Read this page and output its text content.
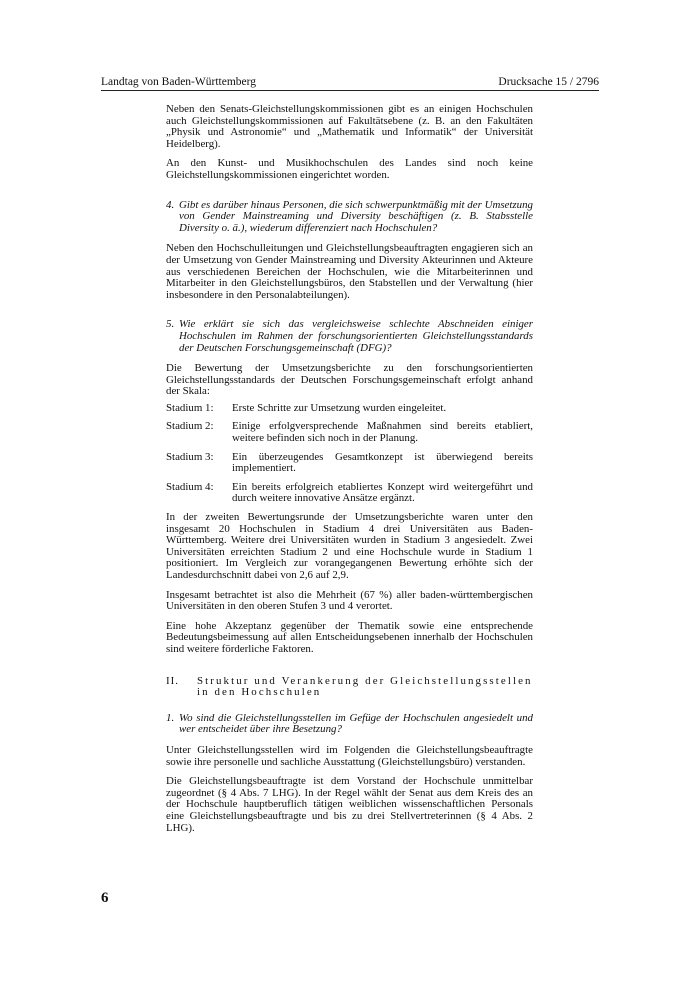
Landtag von Baden-Württemberg	Drucksache 15 / 2796

Neben den Senats-Gleichstellungskommissionen gibt es an einigen Hochschulen auch Gleichstellungskommissionen auf Fakultätsebene (z. B. an den Fakultäten „Physik und Astronomie“ und „Mathematik und Informatik“ der Universität Heidelberg).

An den Kunst- und Musikhochschulen des Landes sind noch keine Gleichstellungskommissionen eingerichtet worden.

4. Gibt es darüber hinaus Personen, die sich schwerpunktmäßig mit der Umsetzung von Gender Mainstreaming und Diversity beschäftigen (z. B. Stabsstelle Diversity o. ä.), wiederum differenziert nach Hochschulen?

Neben den Hochschulleitungen und Gleichstellungsbeauftragten engagieren sich an der Umsetzung von Gender Mainstreaming und Diversity Akteurinnen und Akteure aus verschiedenen Bereichen der Hochschulen, wie die Mitarbeiterinnen und Mitarbeiter in den Gleichstellungsbüros, den Stabstellen und der Verwaltung (hier insbesondere in den Personalabteilungen).

5. Wie erklärt sie sich das vergleichsweise schlechte Abschneiden einiger Hochschulen im Rahmen der forschungsorientierten Gleichstellungsstandards der Deutschen Forschungsgemeinschaft (DFG)?

Die Bewertung der Umsetzungsberichte zu den forschungsorientierten Gleichstellungsstandards der Deutschen Forschungsgemeinschaft erfolgt anhand der Skala:

Stadium 1:	Erste Schritte zur Umsetzung wurden eingeleitet.
Stadium 2:	Einige erfolgversprechende Maßnahmen sind bereits etabliert, weitere befinden sich noch in der Planung.
Stadium 3:	Ein überzeugendes Gesamtkonzept ist überwiegend bereits implementiert.
Stadium 4:	Ein bereits erfolgreich etabliertes Konzept wird weitergeführt und durch weitere innovative Ansätze ergänzt.

In der zweiten Bewertungsrunde der Umsetzungsberichte waren unter den insgesamt 20 Hochschulen in Stadium 4 drei Universitäten aus Baden-Württemberg. Weitere drei Universitäten wurden in Stadium 3 angesiedelt. Zwei Universitäten erreichten Stadium 2 und eine Hochschule wurde in Stadium 1 positioniert. Im Vergleich zur vorangegangenen Bewertung erhöhte sich der Landesdurchschnitt dabei von 2,6 auf 2,9.

Insgesamt betrachtet ist also die Mehrheit (67 %) aller baden-württembergischen Universitäten in den oberen Stufen 3 und 4 verortet.

Eine hohe Akzeptanz gegenüber der Thematik sowie eine entsprechende Bedeutungsbeimessung auf allen Entscheidungsebenen innerhalb der Hochschulen sind weitere förderliche Faktoren.

II.	Struktur und Verankerung der Gleichstellungsstellen in den Hochschulen
1. Wo sind die Gleichstellungsstellen im Gefüge der Hochschulen angesiedelt und wer entscheidet über ihre Besetzung?

Unter Gleichstellungsstellen wird im Folgenden die Gleichstellungsbeauftragte sowie ihre personelle und sachliche Ausstattung (Gleichstellungsbüro) verstanden.

Die Gleichstellungsbeauftragte ist dem Vorstand der Hochschule unmittelbar zugeordnet (§ 4 Abs. 7 LHG). In der Regel wählt der Senat aus dem Kreis des an der Hochschule hauptberuflich tätigen weiblichen wissenschaftlichen Personals eine Gleichstellungsbeauftragte und bis zu drei Stellvertreterinnen (§ 4 Abs. 2 LHG).

6
